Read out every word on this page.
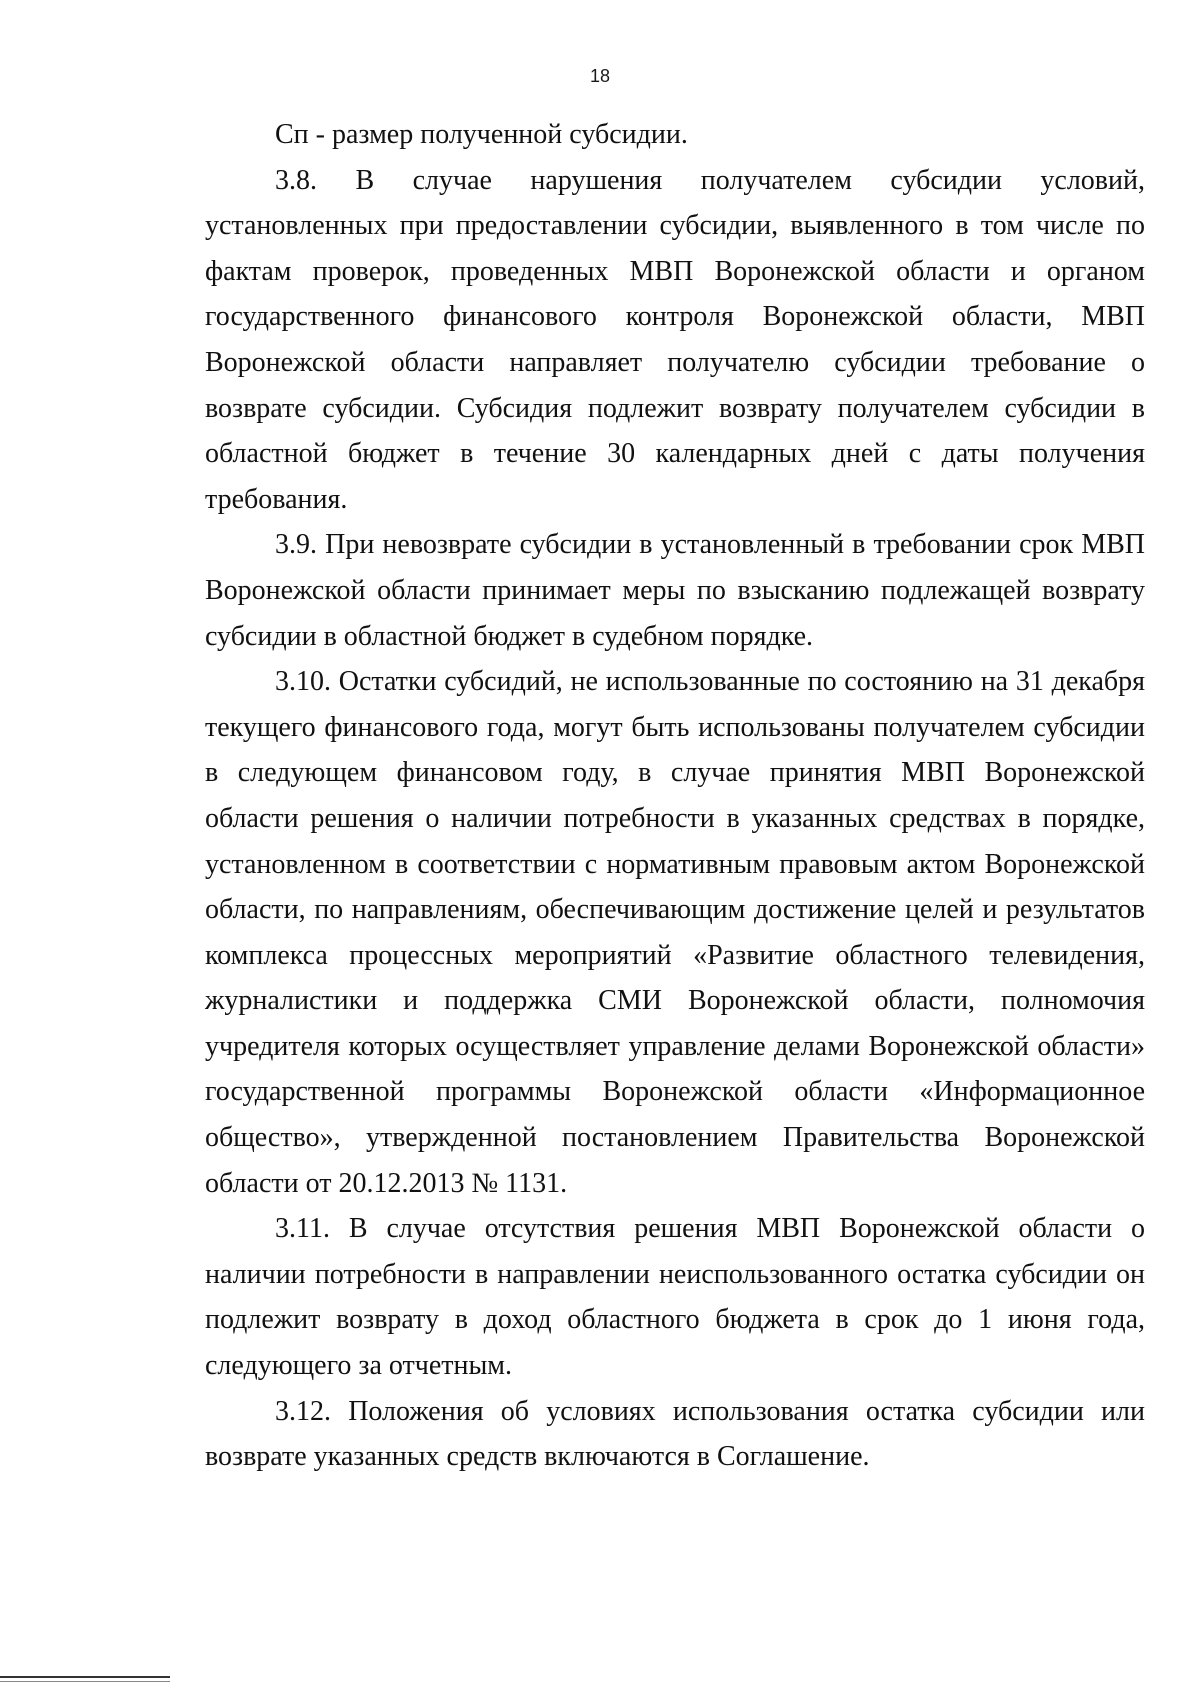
18

Сп - размер полученной субсидии.

3.8. В случае нарушения получателем субсидии условий, установленных при предоставлении субсидии, выявленного в том числе по фактам проверок, проведенных МВП Воронежской области и органом государственного финансового контроля Воронежской области, МВП Воронежской области направляет получателю субсидии требование о возврате субсидии. Субсидия подлежит возврату получателем субсидии в областной бюджет в течение 30 календарных дней с даты получения требования.

3.9. При невозврате субсидии в установленный в требовании срок МВП Воронежской области принимает меры по взысканию подлежащей возврату субсидии в областной бюджет в судебном порядке.

3.10. Остатки субсидий, не использованные по состоянию на 31 декабря текущего финансового года, могут быть использованы получателем субсидии в следующем финансовом году, в случае принятия МВП Воронежской области решения о наличии потребности в указанных средствах в порядке, установленном в соответствии с нормативным правовым актом Воронежской области, по направлениям, обеспечивающим достижение целей и результатов комплекса процессных мероприятий «Развитие областного телевидения, журналистики и поддержка СМИ Воронежской области, полномочия учредителя которых осуществляет управление делами Воронежской области» государственной программы Воронежской области «Информационное общество», утвержденной постановлением Правительства Воронежской области от 20.12.2013 № 1131.

3.11. В случае отсутствия решения МВП Воронежской области о наличии потребности в направлении неиспользованного остатка субсидии он подлежит возврату в доход областного бюджета в срок до 1 июня года, следующего за отчетным.

3.12. Положения об условиях использования остатка субсидии или возврате указанных средств включаются в Соглашение.
